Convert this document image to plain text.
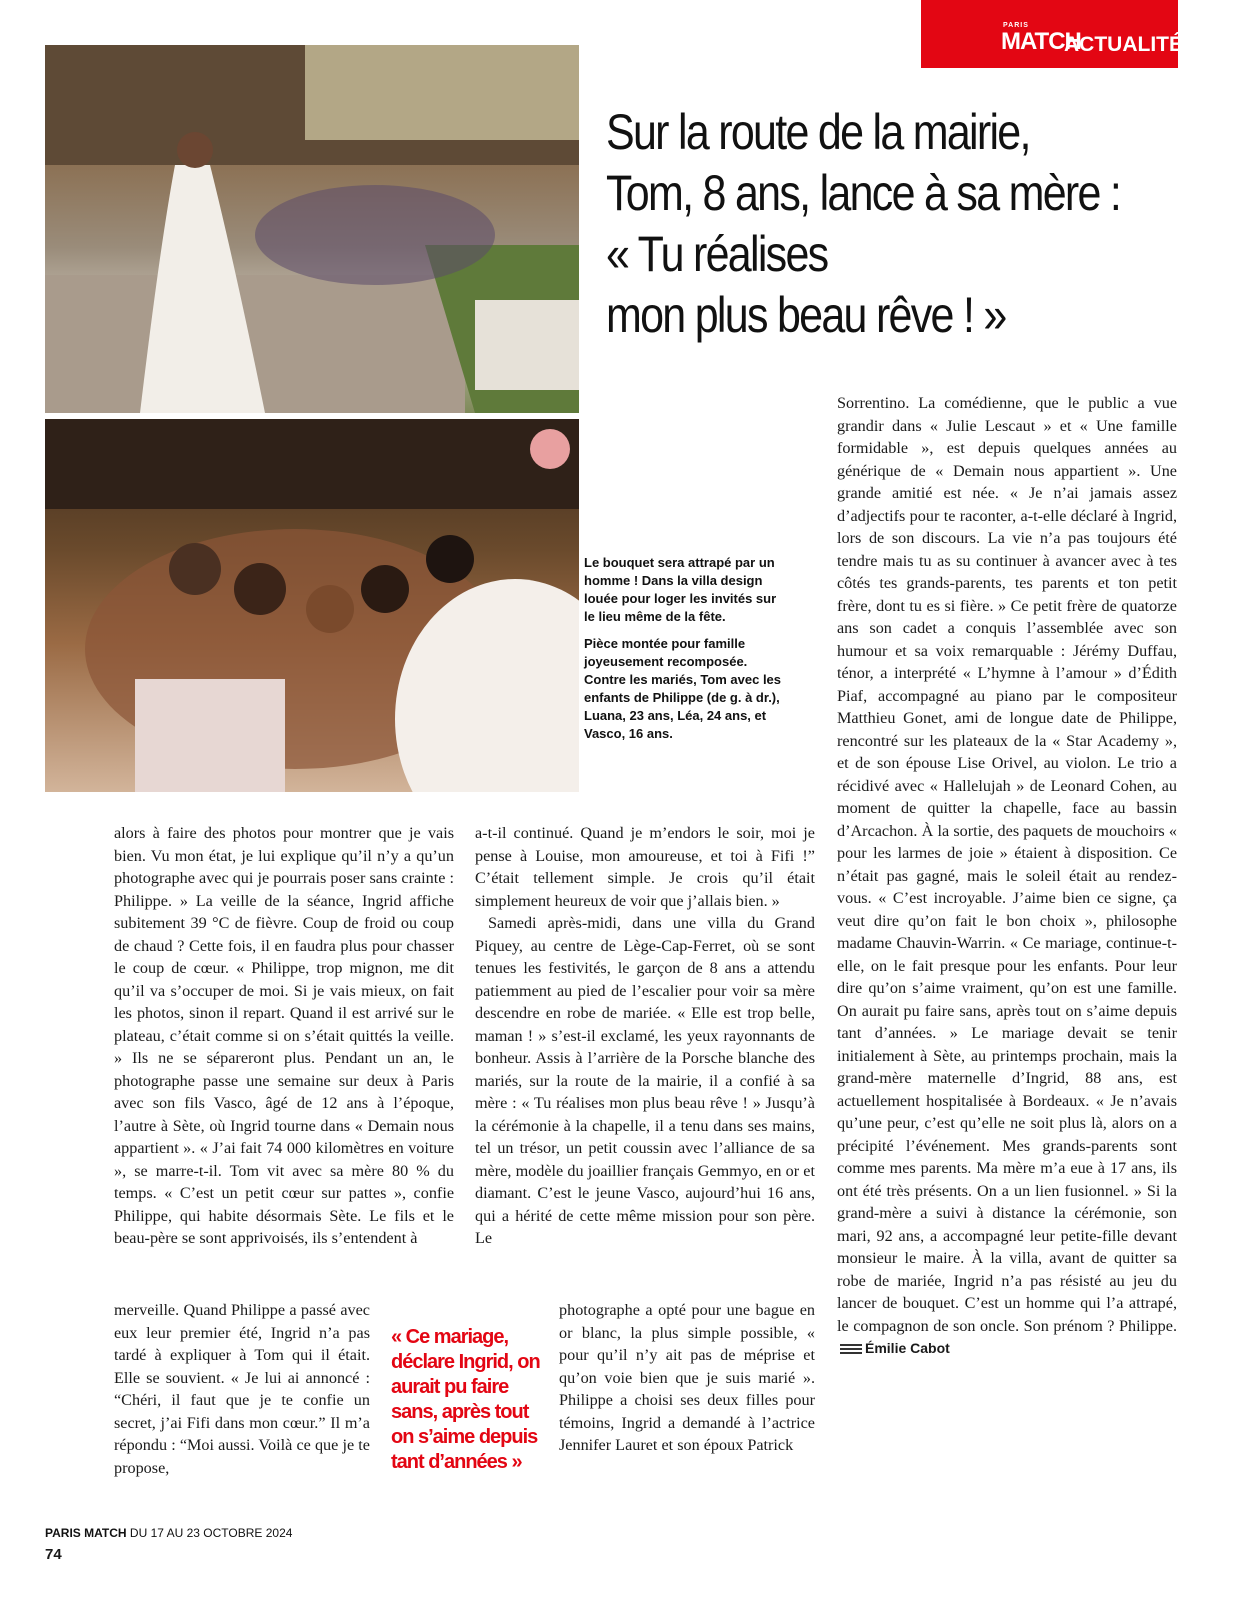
PARIS
MATCH
ACTUALITÉ
Sur la route de la mairie,
Tom, 8 ans, lance à sa mère :
« Tu réalises
mon plus beau rêve ! »

Le bouquet sera attrapé par un homme ! Dans la villa design louée pour loger les invités sur le lieu même de la fête.

Pièce montée pour famille joyeusement recomposée. Contre les mariés, Tom avec les enfants de Philippe (de g. à dr.), Luana, 23 ans, Léa, 24 ans, et Vasco, 16 ans.

alors à faire des photos pour montrer que je vais bien. Vu mon état, je lui explique qu’il n’y a qu’un photographe avec qui je pourrais poser sans crainte : Philippe. » La veille de la séance, Ingrid affiche subitement 39 °C de fièvre. Coup de froid ou coup de chaud ? Cette fois, il en faudra plus pour chasser le coup de cœur. « Philippe, trop mignon, me dit qu’il va s’occuper de moi. Si je vais mieux, on fait les photos, sinon il repart. Quand il est arrivé sur le plateau, c’était comme si on s’était quittés la veille. » Ils ne se sépareront plus. Pendant un an, le photographe passe une semaine sur deux à Paris avec son fils Vasco, âgé de 12 ans à l’époque, l’autre à Sète, où Ingrid tourne dans « Demain nous appartient ». « J’ai fait 74 000 kilomètres en voiture », se marre-t-il. Tom vit avec sa mère 80 % du temps. « C’est un petit cœur sur pattes », confie Philippe, qui habite désormais Sète. Le fils et le beau-père se sont apprivoisés, ils s’entendent à

merveille. Quand Philippe a passé avec eux leur premier été, Ingrid n’a pas tardé à expliquer à Tom qui il était. Elle se souvient. « Je lui ai annoncé : “Chéri, il faut que je te confie un secret, j’ai Fifi dans mon cœur.” Il m’a répondu : “Moi aussi. Voilà ce que je te propose,

« Ce mariage, déclare Ingrid, on aurait pu faire sans, après tout on s’aime depuis tant d’années »

a-t-il continué. Quand je m’endors le soir, moi je pense à Louise, mon amoureuse, et toi à Fifi !” C’était tellement simple. Je crois qu’il était simplement heureux de voir que j’allais bien. »

Samedi après-midi, dans une villa du Grand Piquey, au centre de Lège-Cap-Ferret, où se sont tenues les festivités, le garçon de 8 ans a attendu patiemment au pied de l’escalier pour voir sa mère descendre en robe de mariée. « Elle est trop belle, maman ! » s’est-il exclamé, les yeux rayonnants de bonheur. Assis à l’arrière de la Porsche blanche des mariés, sur la route de la mairie, il a confié à sa mère : « Tu réalises mon plus beau rêve ! » Jusqu’à la cérémonie à la chapelle, il a tenu dans ses mains, tel un trésor, un petit coussin avec l’alliance de sa mère, modèle du joaillier français Gemmyo, en or et diamant. C’est le jeune Vasco, aujourd’hui 16 ans, qui a hérité de cette même mission pour son père. Le

photographe a opté pour une bague en or blanc, la plus simple possible, « pour qu’il n’y ait pas de méprise et qu’on voie bien que je suis marié ». Philippe a choisi ses deux filles pour témoins, Ingrid a demandé à l’actrice Jennifer Lauret et son époux Patrick

Sorrentino. La comédienne, que le public a vue grandir dans « Julie Lescaut » et « Une famille formidable », est depuis quelques années au générique de « Demain nous appartient ». Une grande amitié est née. « Je n’ai jamais assez d’adjectifs pour te raconter, a-t-elle déclaré à Ingrid, lors de son discours. La vie n’a pas toujours été tendre mais tu as su continuer à avancer avec à tes côtés tes grands-parents, tes parents et ton petit frère, dont tu es si fière. » Ce petit frère de quatorze ans son cadet a conquis l’assemblée avec son humour et sa voix remarquable : Jérémy Duffau, ténor, a interprété « L’hymne à l’amour » d’Édith Piaf, accompagné au piano par le compositeur Matthieu Gonet, ami de longue date de Philippe, rencontré sur les plateaux de la « Star Academy », et de son épouse Lise Orivel, au violon. Le trio a récidivé avec « Hallelujah » de Leonard Cohen, au moment de quitter la chapelle, face au bassin d’Arcachon. À la sortie, des paquets de mouchoirs « pour les larmes de joie » étaient à disposition. Ce n’était pas gagné, mais le soleil était au rendez-vous. « C’est incroyable. J’aime bien ce signe, ça veut dire qu’on fait le bon choix », philosophe madame Chauvin-Warrin. « Ce mariage, continue-t-elle, on le fait presque pour les enfants. Pour leur dire qu’on s’aime vraiment, qu’on est une famille. On aurait pu faire sans, après tout on s’aime depuis tant d’années. » Le mariage devait se tenir initialement à Sète, au printemps prochain, mais la grand-mère maternelle d’Ingrid, 88 ans, est actuellement hospitalisée à Bordeaux. « Je n’avais qu’une peur, c’est qu’elle ne soit plus là, alors on a précipité l’événement. Mes grands-parents sont comme mes parents. Ma mère m’a eue à 17 ans, ils ont été très présents. On a un lien fusionnel. » Si la grand-mère a suivi à distance la cérémonie, son mari, 92 ans, a accompagné leur petite-fille devant monsieur le maire. À la villa, avant de quitter sa robe de mariée, Ingrid n’a pas résisté au jeu du lancer de bouquet. C’est un homme qui l’a attrapé, le compagnon de son oncle. Son prénom ? Philippe. Émilie Cabot

PARIS MATCH DU 17 AU 23 OCTOBRE 2024
74
